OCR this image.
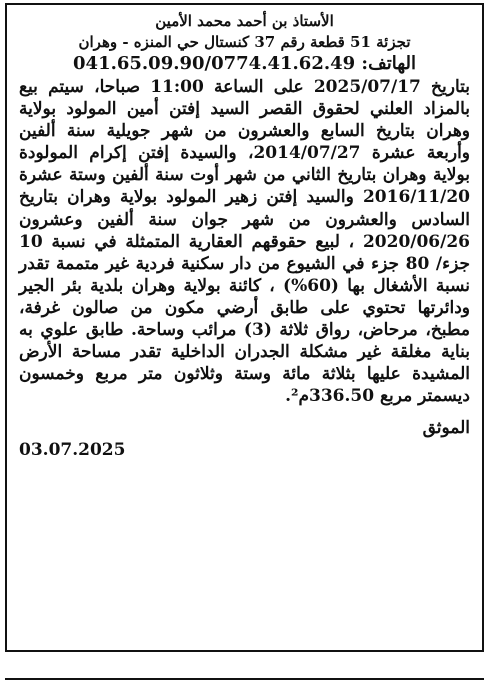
الأستاذ بن أحمد محمد الأمين

تجزئة 51 قطعة رقم 37 كنستال حي المنزه - وهران

الهاتف: 041.65.09.90/0774.41.62.49

بتاريخ 2025/07/17 على الساعة 11:00 صباحا، سيتم بيع بالمزاد العلني لحقوق القصر السيد إفتن أمين المولود بولاية وهران بتاريخ السابع والعشرون من شهر جويلية سنة ألفين وأربعة عشرة 2014/07/27، والسيدة إفتن إكرام المولودة بولاية وهران بتاريخ الثاني من شهر أوت سنة ألفين وستة عشرة 2016/11/20 والسيد إفتن زهير المولود بولاية وهران بتاريخ السادس والعشرون من شهر جوان سنة ألفين وعشرون 2020/06/26 ، لبيع حقوقهم العقارية المتمثلة في نسبة 10 جزء/ 80 جزء في الشيوع من دار سكنية فردية غير متممة تقدر نسبة الأشغال بها (60%) ، كائنة بولاية وهران بلدية بئر الجير ودائرتها تحتوي على طابق أرضي مكون من صالون غرفة، مطبخ، مرحاض، رواق ثلاثة (3) مرائب وساحة. طابق علوي به بناية مغلقة غير مشكلة الجدران الداخلية تقدر مساحة الأرض المشيدة عليها بثلاثة مائة وستة وثلاثون متر مربع وخمسون ديسمتر مربع 336.50م².

الموثق
03.07.2025
